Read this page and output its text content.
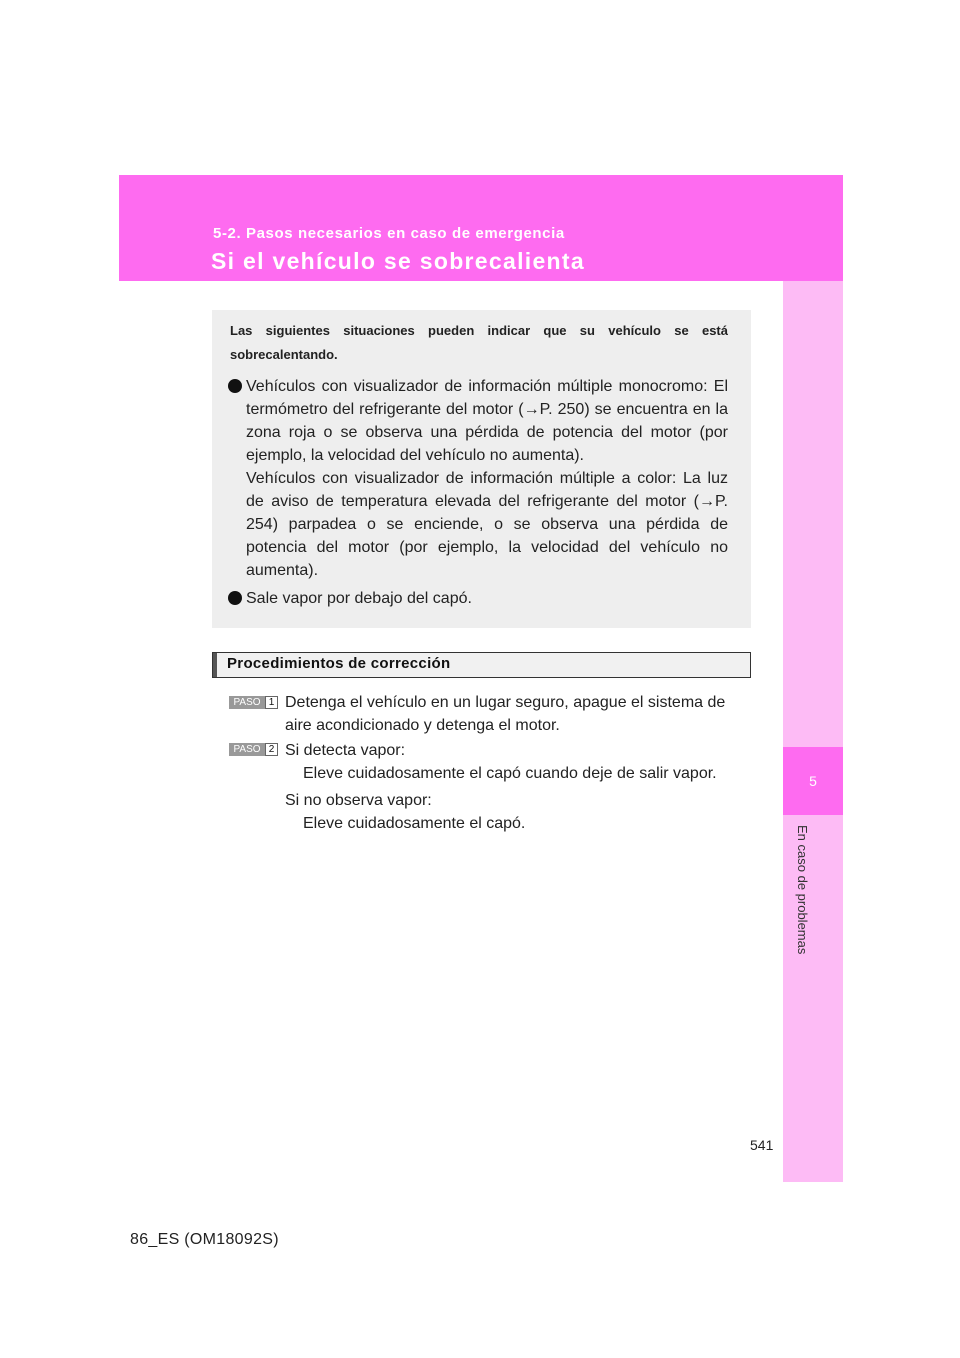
5-2. Pasos necesarios en caso de emergencia
Si el vehículo se sobrecalienta
5
En caso de problemas
Las siguientes situaciones pueden indicar que su vehículo se está sobrecalentando.

Vehículos con visualizador de información múltiple monocromo: El termómetro del refrigerante del motor (→P. 250) se encuentra en la zona roja o se observa una pérdida de potencia del motor (por ejemplo, la velocidad del vehículo no aumenta).

Vehículos con visualizador de información múltiple a color: La luz de aviso de temperatura elevada del refrigerante del motor (→P. 254) parpadea o se enciende, o se observa una pérdida de potencia del motor (por ejemplo, la velocidad del vehículo no aumenta).

Sale vapor por debajo del capó.

Procedimientos de corrección
PASO 1 Detenga el vehículo en un lugar seguro, apague el sistema de aire acondicionado y detenga el motor.
PASO 2 Si detecta vapor:
Eleve cuidadosamente el capó cuando deje de salir vapor.
Si no observa vapor:
Eleve cuidadosamente el capó.
541
86_ES (OM18092S)
